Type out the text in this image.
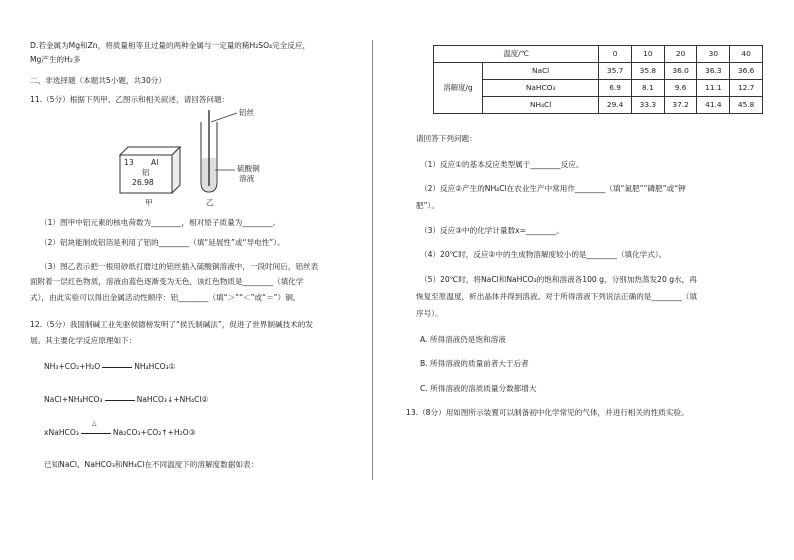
D.若金属为Mg和Zn，将质量相等且过量的两种金属与一定量的稀H₂SO₄完全反应，
Mg产生的H₂多
二、非选择题（本题共5小题，共30分）
11.（5分）根据下列甲、乙图示和相关叙述，请回答问题：
13 Al
铝
26.98
甲
铝丝
硫酸铜
溶液
乙
（1）图甲中铝元素的核电荷数为________，相对原子质量为________。
（2）铝块能制成铝箔是利用了铝的________（填“延展性”或“导电性”）。
（3）图乙表示把一根用砂纸打磨过的铝丝插入硫酸铜溶液中，一段时间后，铝丝表
面附着一层红色物质，溶液由蓝色逐渐变为无色，该红色物质是________（填化学
式），由此实验可以得出金属活动性顺序：铝________（填“＞”“＜”或“＝”）铜。
12.（5分）我国制碱工业先驱侯德榜发明了“侯氏制碱法”，促进了世界制碱技术的发
展。其主要化学反应原理如下：
NH₃+CO₂+H₂O	NH₄HCO₃①
NaCl+NH₄HCO₃	NaHCO₃↓+NH₄Cl②
xNaHCO₃
△
Na₂CO₃+CO₂↑+H₂O③
已知NaCl、NaHCO₃和NH₄Cl在不同温度下的溶解度数据如表：
温度/℃		0	10	20	30	40
溶解度/g	NaCl	35.7	35.8	36.0	36.3	36.6
	NaHCO₃	6.9	8.1	9.6	11.1	12.7
	NH₄Cl	29.4	33.3	37.2	41.4	45.8
请回答下列问题：
（1）反应①的基本反应类型属于________反应。
（2）反应②产生的NH₄Cl在农业生产中常用作________（填“氮肥”“磷肥”或“钾
肥”）。
（3）反应③中的化学计量数x=________。
（4）20℃时，反应②中的生成物溶解度较小的是________（填化学式）。
（5）20℃时，将NaCl和NaHCO₃的饱和溶液各100 g，分别加热蒸发20 g水，再
恢复至原温度，析出晶体并得到溶液。对于所得溶液下列说法正确的是________（填
序号）。
A. 所得溶液仍是饱和溶液
B. 所得溶液的质量前者大于后者
C. 所得溶液的溶质质量分数都增大
13.（8分）用如图所示装置可以制备初中化学常见的气体，并进行相关的性质实验。
